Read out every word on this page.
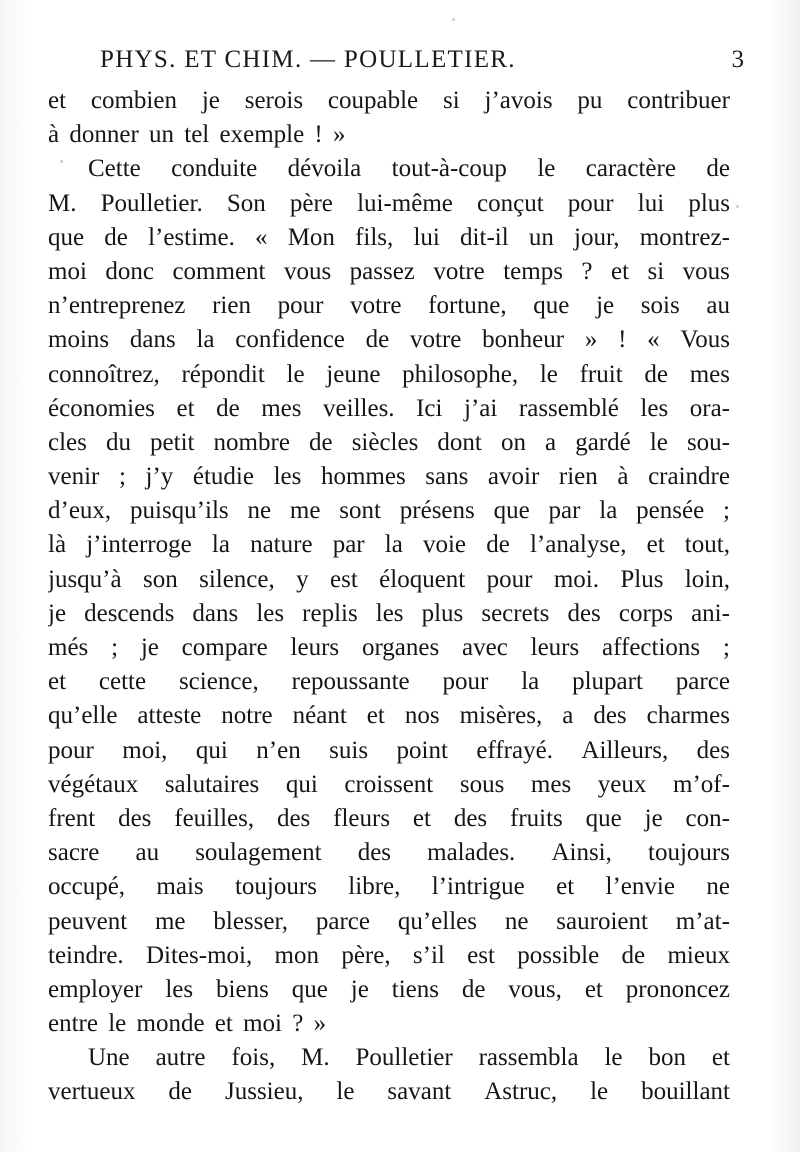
PHYS. ET CHIM. — POULLETIER.	3
et combien je serois coupable si j’avois pu contribuer
à donner un tel exemple ! »
Cette conduite dévoila tout-à-coup le caractère de
M. Poulletier. Son père lui-même conçut pour lui plus
que de l’estime. « Mon fils, lui dit-il un jour, montrez-
moi donc comment vous passez votre temps ? et si vous
n’entreprenez rien pour votre fortune, que je sois au
moins dans la confidence de votre bonheur » ! « Vous
connoîtrez, répondit le jeune philosophe, le fruit de mes
économies et de mes veilles. Ici j’ai rassemblé les ora-
cles du petit nombre de siècles dont on a gardé le sou-
venir ; j’y étudie les hommes sans avoir rien à craindre
d’eux, puisqu’ils ne me sont présens que par la pensée ;
là j’interroge la nature par la voie de l’analyse, et tout,
jusqu’à son silence, y est éloquent pour moi. Plus loin,
je descends dans les replis les plus secrets des corps ani-
més ; je compare leurs organes avec leurs affections ;
et cette science, repoussante pour la plupart parce
qu’elle atteste notre néant et nos misères, a des charmes
pour moi, qui n’en suis point effrayé. Ailleurs, des
végétaux salutaires qui croissent sous mes yeux m’of-
frent des feuilles, des fleurs et des fruits que je con-
sacre au soulagement des malades. Ainsi, toujours
occupé, mais toujours libre, l’intrigue et l’envie ne
peuvent me blesser, parce qu’elles ne sauroient m’at-
teindre. Dites-moi, mon père, s’il est possible de mieux
employer les biens que je tiens de vous, et prononcez
entre le monde et moi ? »
Une autre fois, M. Poulletier rassembla le bon et
vertueux de Jussieu, le savant Astruc, le bouillant
